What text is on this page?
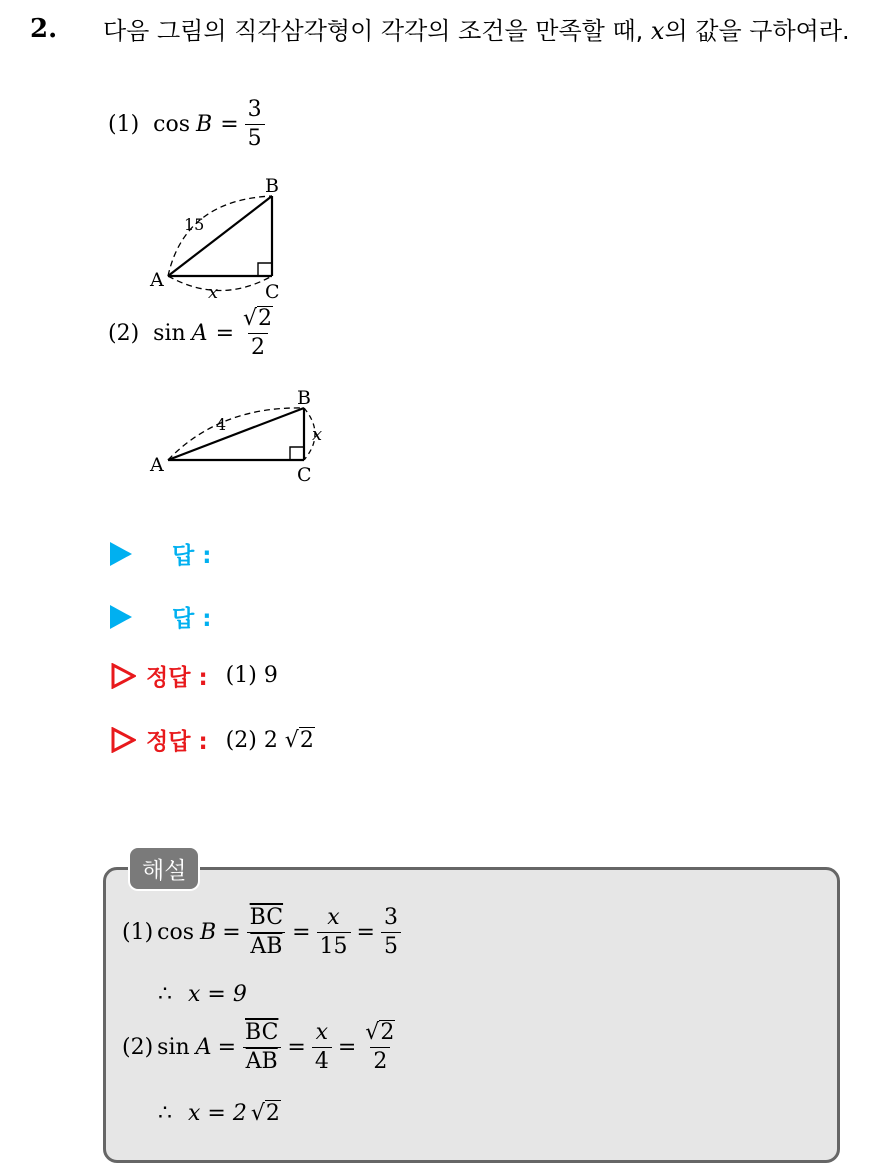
2. 다음 그림의 직각삼각형이 각각의 조건을 만족할 때, x의 값을 구하여라.
(1) $\cos B = \frac{3}{5}$
A
B
C
15
x
(2) $\sin A = \frac{√2}{2}$
A
B
C
4	x
답 :
답 :
정답 : (1) 9
정답 : (2) 2 √2
해설
(1) $\cos B = \frac{\overline{BC}}{AB} = \frac{x}{15} = \frac{3}{5}$
∴ x = 9
(2) $\sin A = \frac{\overline{BC}}{AB} = \frac{x}{4} = \frac{√2}{2}$
∴ x = 2 √2
